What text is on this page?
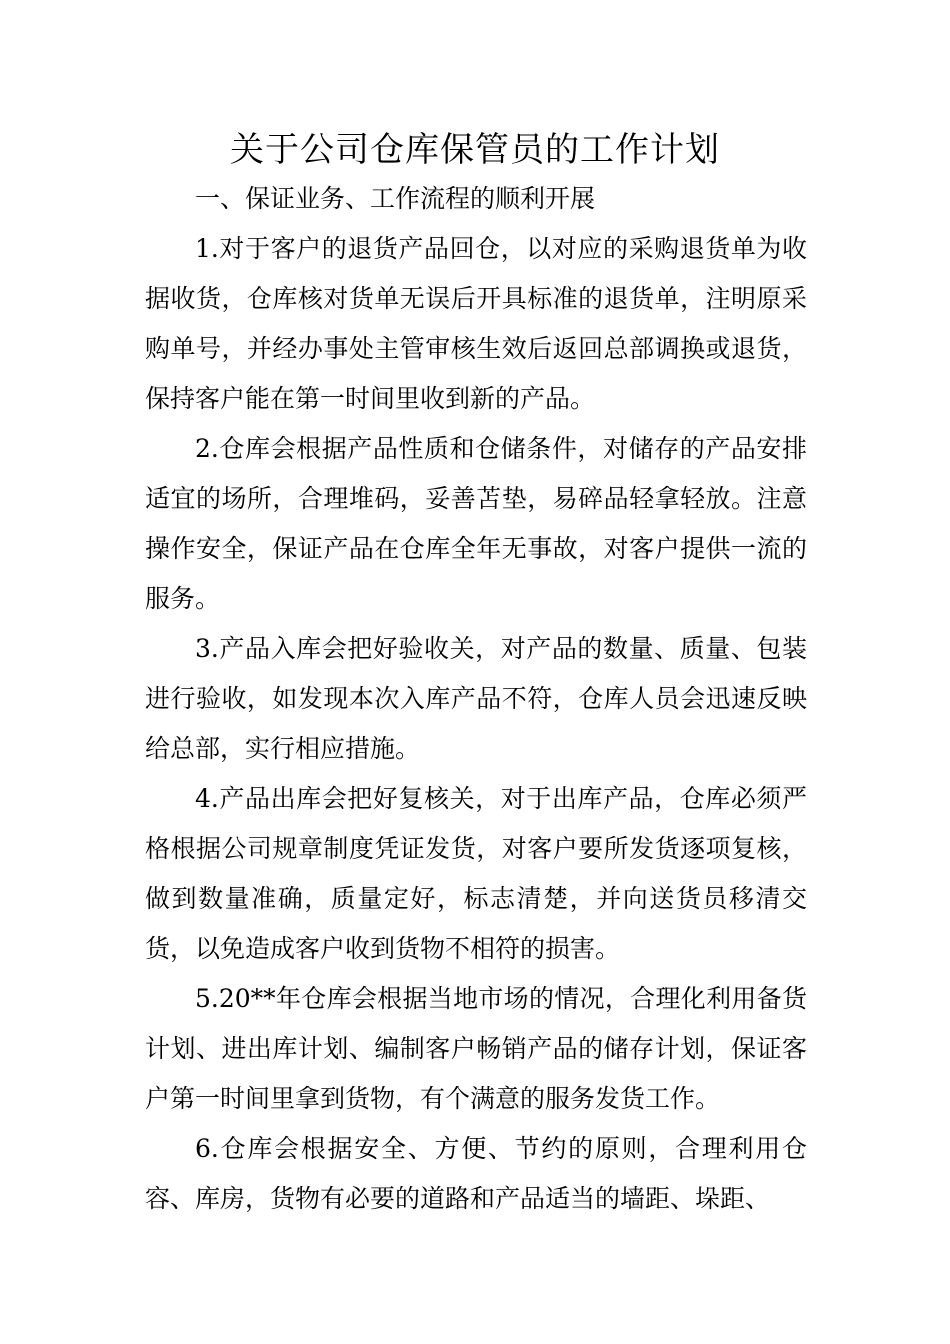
关于公司仓库保管员的工作计划

一、保证业务、工作流程的顺利开展

1.对于客户的退货产品回仓，以对应的采购退货单为收据收货，仓库核对货单无误后开具标准的退货单，注明原采购单号，并经办事处主管审核生效后返回总部调换或退货，保持客户能在第一时间里收到新的产品。

2.仓库会根据产品性质和仓储条件，对储存的产品安排适宜的场所，合理堆码，妥善苫垫，易碎品轻拿轻放。注意操作安全，保证产品在仓库全年无事故，对客户提供一流的服务。

3.产品入库会把好验收关，对产品的数量、质量、包装进行验收，如发现本次入库产品不符，仓库人员会迅速反映给总部，实行相应措施。

4.产品出库会把好复核关，对于出库产品，仓库必须严格根据公司规章制度凭证发货，对客户要所发货逐项复核，做到数量准确，质量定好，标志清楚，并向送货员移清交货，以免造成客户收到货物不相符的损害。

5.20**年仓库会根据当地市场的情况，合理化利用备货计划、进出库计划、编制客户畅销产品的储存计划，保证客户第一时间里拿到货物，有个满意的服务发货工作。

6.仓库会根据安全、方便、节约的原则，合理利用仓容、库房，货物有必要的道路和产品适当的墙距、垛距、
